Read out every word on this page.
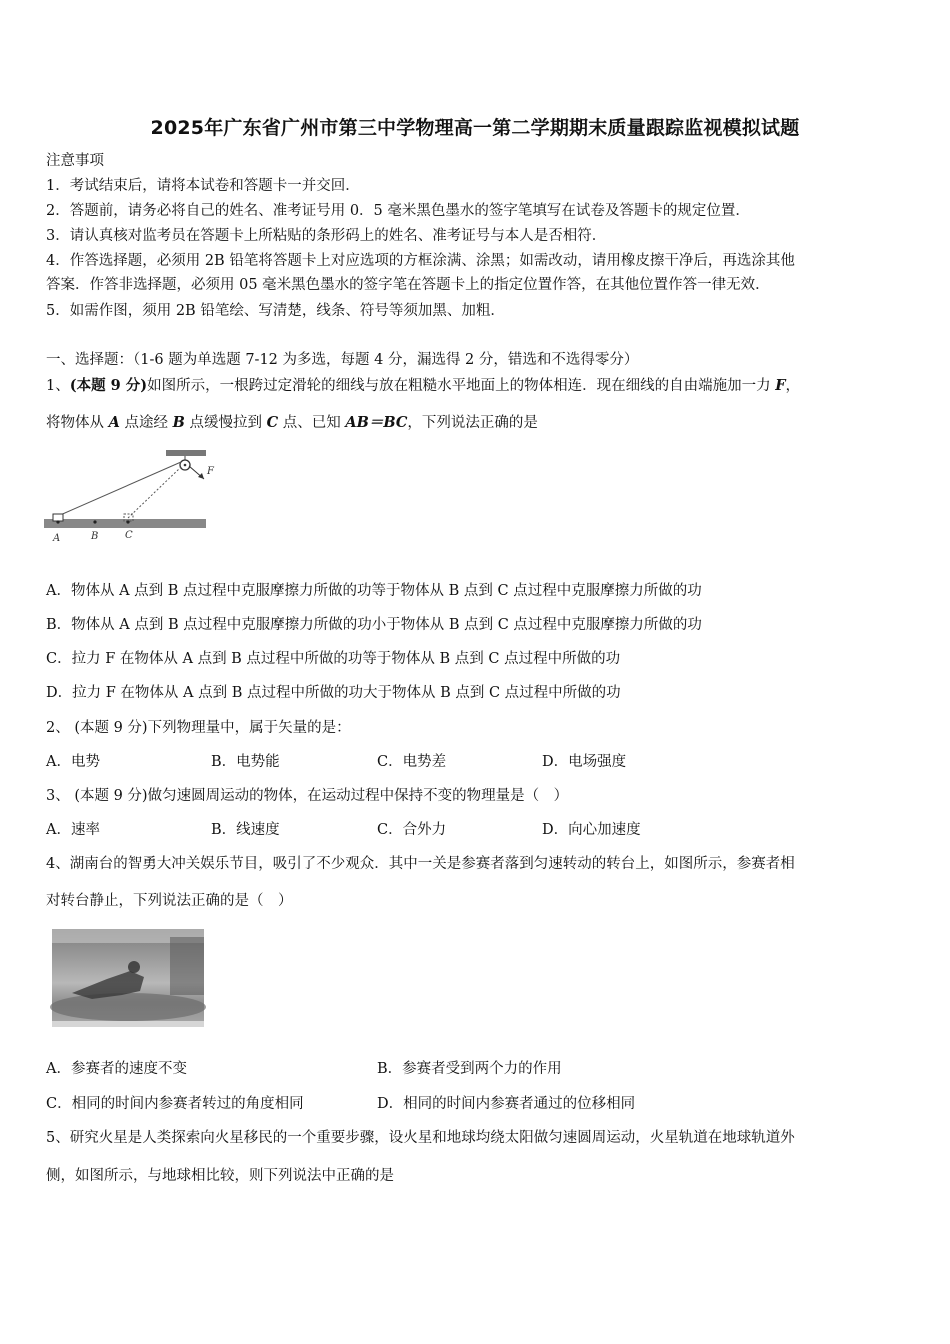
2025年广东省广州市第三中学物理高一第二学期期末质量跟踪监视模拟试题
注意事项
1．考试结束后，请将本试卷和答题卡一并交回．
2．答题前，请务必将自己的姓名、准考证号用 0．5 毫米黑色墨水的签字笔填写在试卷及答题卡的规定位置．
3．请认真核对监考员在答题卡上所粘贴的条形码上的姓名、准考证号与本人是否相符．
4．作答选择题，必须用 2B 铅笔将答题卡上对应选项的方框涂满、涂黑；如需改动，请用橡皮擦干净后，再选涂其他
答案．作答非选择题，必须用 05 毫米黑色墨水的签字笔在答题卡上的指定位置作答，在其他位置作答一律无效．
5．如需作图，须用 2B 铅笔绘、写清楚，线条、符号等须加黑、加粗．
一、选择题：（1-6 题为单选题 7-12 为多选，每题 4 分，漏选得 2 分，错选和不选得零分）
1、(本题 9 分)如图所示，一根跨过定滑轮的细线与放在粗糙水平地面上的物体相连．现在细线的自由端施加一力 F，
将物体从 A 点途经 B 点缓慢拉到 C 点、已知 AB＝BC，下列说法正确的是
F
A	B	C
A．物体从 A 点到 B 点过程中克服摩擦力所做的功等于物体从 B 点到 C 点过程中克服摩擦力所做的功
B．物体从 A 点到 B 点过程中克服摩擦力所做的功小于物体从 B 点到 C 点过程中克服摩擦力所做的功
C．拉力 F 在物体从 A 点到 B 点过程中所做的功等于物体从 B 点到 C 点过程中所做的功
D．拉力 F 在物体从 A 点到 B 点过程中所做的功大于物体从 B 点到 C 点过程中所做的功
2、 (本题 9 分)下列物理量中，属于矢量的是：
A．电势	B．电势能	C．电势差	D．电场强度
3、 (本题 9 分)做匀速圆周运动的物体，在运动过程中保持不变的物理量是（　）
A．速率	B．线速度	C．合外力	D．向心加速度
4、湖南台的智勇大冲关娱乐节目，吸引了不少观众．其中一关是参赛者落到匀速转动的转台上，如图所示，参赛者相
对转台静止，下列说法正确的是（　）
A．参赛者的速度不变	B．参赛者受到两个力的作用
C．相同的时间内参赛者转过的角度相同	D．相同的时间内参赛者通过的位移相同
5、研究火星是人类探索向火星移民的一个重要步骤，设火星和地球均绕太阳做匀速圆周运动，火星轨道在地球轨道外
侧，如图所示，与地球相比较，则下列说法中正确的是
